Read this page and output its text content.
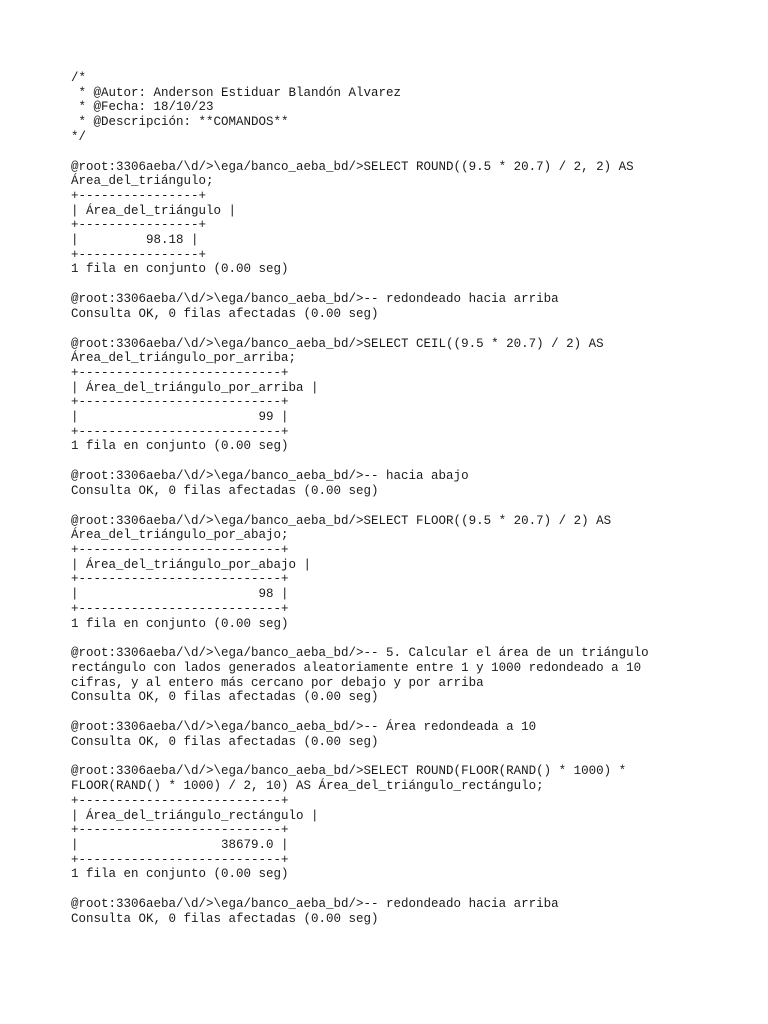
/*
* @Autor: Anderson Estiduar Blandón Alvarez
* @Fecha: 18/10/23
* @Descripción: **COMANDOS**
*/
@root:3306aeba/\d/>\ega/banco_aeba_bd/>SELECT ROUND((9.5 * 20.7) / 2, 2) AS
Área_del_triángulo;
+----------------+
| Área_del_triángulo |
+----------------+
|         98.18 |
+----------------+
1 fila en conjunto (0.00 seg)
@root:3306aeba/\d/>\ega/banco_aeba_bd/>-- redondeado hacia arriba
Consulta OK, 0 filas afectadas (0.00 seg)
@root:3306aeba/\d/>\ega/banco_aeba_bd/>SELECT CEIL((9.5 * 20.7) / 2) AS
Área_del_triángulo_por_arriba;
+---------------------------+
| Área_del_triángulo_por_arriba |
+---------------------------+
|                        99 |
+---------------------------+
1 fila en conjunto (0.00 seg)
@root:3306aeba/\d/>\ega/banco_aeba_bd/>-- hacia abajo
Consulta OK, 0 filas afectadas (0.00 seg)
@root:3306aeba/\d/>\ega/banco_aeba_bd/>SELECT FLOOR((9.5 * 20.7) / 2) AS
Área_del_triángulo_por_abajo;
+---------------------------+
| Área_del_triángulo_por_abajo |
+---------------------------+
|                        98 |
+---------------------------+
1 fila en conjunto (0.00 seg)
@root:3306aeba/\d/>\ega/banco_aeba_bd/>-- 5. Calcular el área de un triángulo
rectángulo con lados generados aleatoriamente entre 1 y 1000 redondeado a 10
cifras, y al entero más cercano por debajo y por arriba
Consulta OK, 0 filas afectadas (0.00 seg)
@root:3306aeba/\d/>\ega/banco_aeba_bd/>-- Área redondeada a 10
Consulta OK, 0 filas afectadas (0.00 seg)
@root:3306aeba/\d/>\ega/banco_aeba_bd/>SELECT ROUND(FLOOR(RAND() * 1000) *
FLOOR(RAND() * 1000) / 2, 10) AS Área_del_triángulo_rectángulo;
+---------------------------+
| Área_del_triángulo_rectángulo |
+---------------------------+
|                   38679.0 |
+---------------------------+
1 fila en conjunto (0.00 seg)
@root:3306aeba/\d/>\ega/banco_aeba_bd/>-- redondeado hacia arriba
Consulta OK, 0 filas afectadas (0.00 seg)
